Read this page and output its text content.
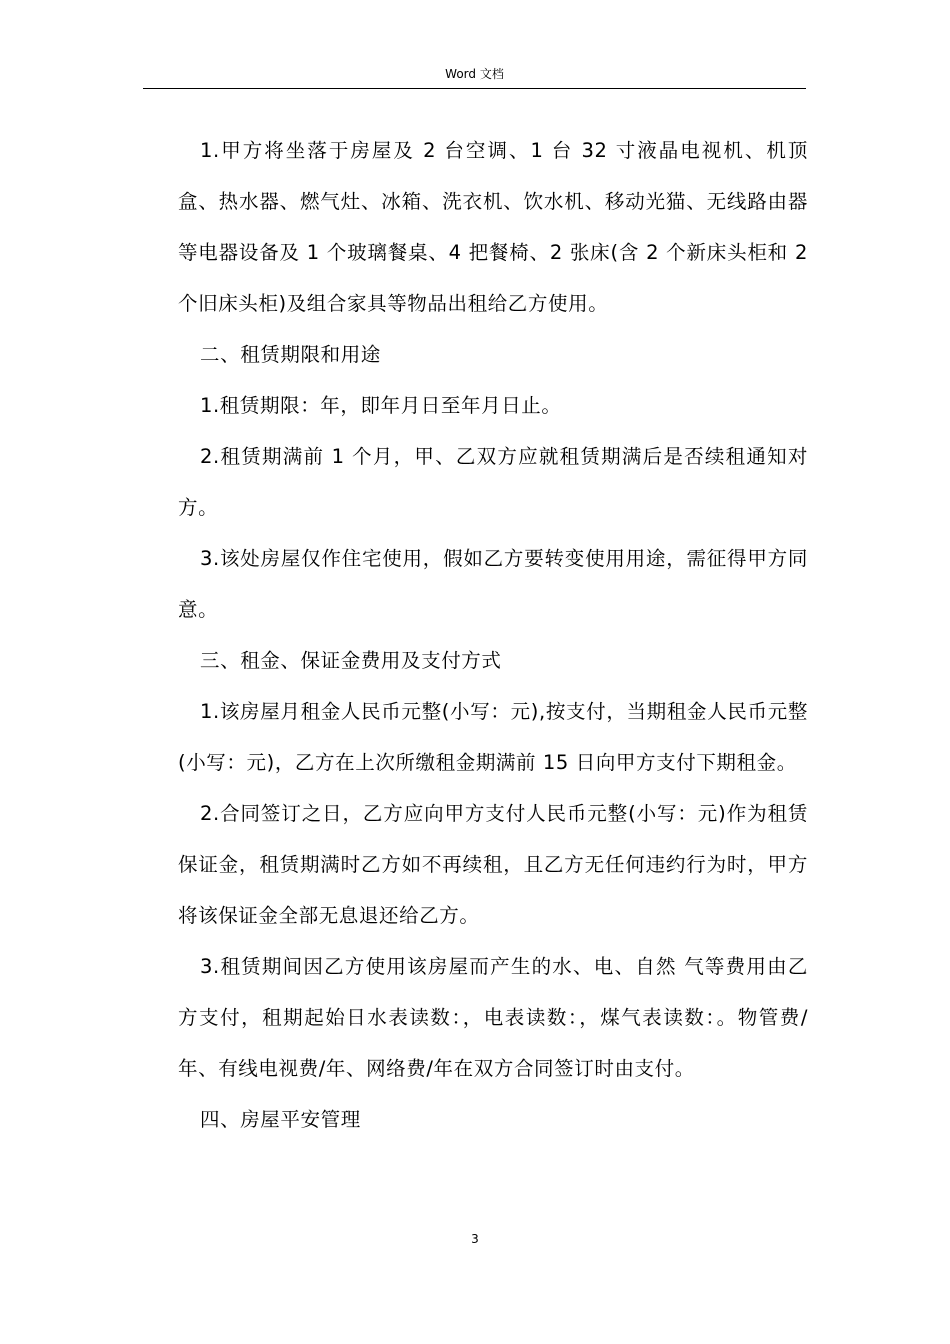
Word 文档

1.甲方将坐落于房屋及 2 台空调、1 台 32 寸液晶电视机、机顶盒、热水器、燃气灶、冰箱、洗衣机、饮水机、移动光猫、无线路由器等电器设备及 1 个玻璃餐桌、4 把餐椅、2 张床(含 2 个新床头柜和 2 个旧床头柜)及组合家具等物品出租给乙方使用。

二、租赁期限和用途

1.租赁期限：年，即年月日至年月日止。

2.租赁期满前 1 个月，甲、乙双方应就租赁期满后是否续租通知对方。

3.该处房屋仅作住宅使用，假如乙方要转变使用用途，需征得甲方同意。

三、租金、保证金费用及支付方式

1.该房屋月租金人民币元整(小写：元),按支付，当期租金人民币元整(小写：元)，乙方在上次所缴租金期满前 15 日向甲方支付下期租金。

2.合同签订之日，乙方应向甲方支付人民币元整(小写：元)作为租赁保证金，租赁期满时乙方如不再续租，且乙方无任何违约行为时，甲方将该保证金全部无息退还给乙方。

3.租赁期间因乙方使用该房屋而产生的水、电、自然 气等费用由乙方支付，租期起始日水表读数：，电表读数：，煤气表读数：。物管费/年、有线电视费/年、网络费/年在双方合同签订时由支付。

四、房屋平安管理

3
